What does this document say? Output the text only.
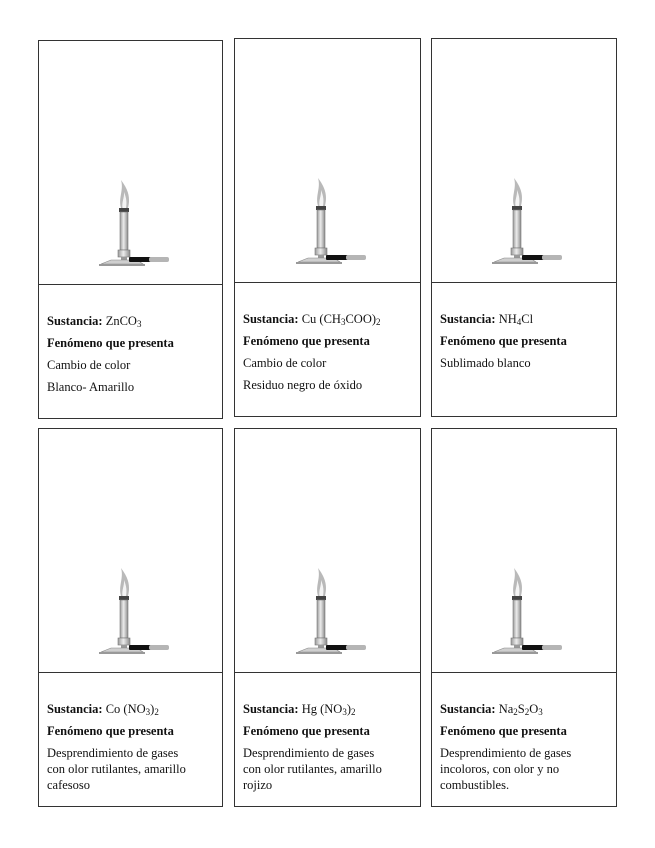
Sustancia: ZnCO$_3$

Fenómeno que presenta

Cambio de color

Blanco- Amarillo

Sustancia: Cu $(CH_3COO)_2$

Fenómeno que presenta

Cambio de color

Residuo negro de óxido

Sustancia: $NH_4Cl$

Fenómeno que presenta

Sublimado blanco

Sustancia: Co $(NO_3)_2$

Fenómeno que presenta

Desprendimiento de gases

con olor rutilantes, amarillo

cafesoso

Sustancia: Hg $(NO_3)_2$

Fenómeno que presenta

Desprendimiento de gases

con olor rutilantes, amarillo

rojizo

Sustancia: $Na_2S_2O_3$

Fenómeno que presenta

Desprendimiento de gases

incoloros, con olor y no

combustibles.
